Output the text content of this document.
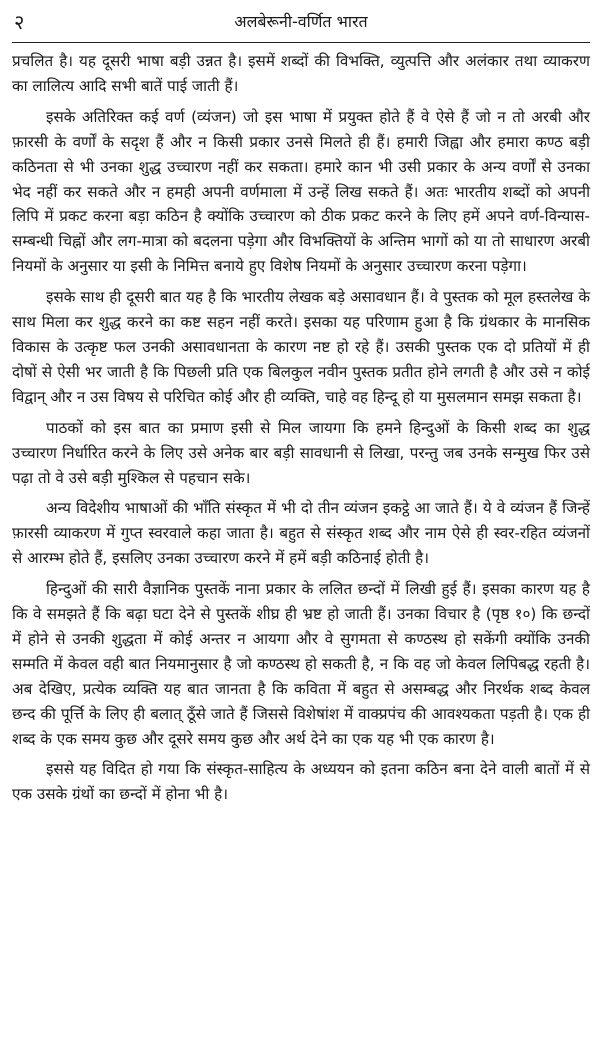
२	अलबेरूनी-वर्णित भारत

प्रचलित है। यह दूसरी भाषा बड़ी उन्नत है। इसमें शब्दों की विभक्ति, व्युत्पत्ति और अलंकार तथा व्याकरण का लालित्य आदि सभी बातें पाई जाती हैं।

इसके अतिरिक्त कई वर्ण (व्यंजन) जो इस भाषा में प्रयुक्त होते हैं वे ऐसे हैं जो न तो अरबी और फ़ारसी के वर्णों के सदृश हैं और न किसी प्रकार उनसे मिलते ही हैं। हमारी जिह्वा और हमारा कण्ठ बड़ी कठिनता से भी उनका शुद्ध उच्चारण नहीं कर सकता। हमारे कान भी उसी प्रकार के अन्य वर्णों से उनका भेद नहीं कर सकते और न हमही अपनी वर्णमाला में उन्हें लिख सकते हैं। अतः भारतीय शब्दों को अपनी लिपि में प्रकट करना बड़ा कठिन है क्योंकि उच्चारण को ठीक प्रकट करने के लिए हमें अपने वर्ण-विन्यास-सम्बन्धी चिह्नों और लग-मात्रा को बदलना पड़ेगा और विभक्तियों के अन्तिम भागों को या तो साधारण अरबी नियमों के अनुसार या इसी के निमित्त बनाये हुए विशेष नियमों के अनुसार उच्चारण करना पड़ेगा।

इसके साथ ही दूसरी बात यह है कि भारतीय लेखक बड़े असावधान हैं। वे पुस्तक को मूल हस्तलेख के साथ मिला कर शुद्ध करने का कष्ट सहन नहीं करते। इसका यह परिणाम हुआ है कि ग्रंथकार के मानसिक विकास के उत्कृष्ट फल उनकी असावधानता के कारण नष्ट हो रहे हैं। उसकी पुस्तक एक दो प्रतियों में ही दोषों से ऐसी भर जाती है कि पिछली प्रति एक बिलकुल नवीन पुस्तक प्रतीत होने लगती है और उसे न कोई विद्वान् और न उस विषय से परिचित कोई और ही व्यक्ति, चाहे वह हिन्दू हो या मुसलमान समझ सकता है।

पाठकों को इस बात का प्रमाण इसी से मिल जायगा कि हमने हिन्दुओं के किसी शब्द का शुद्ध उच्चारण निर्धारित करने के लिए उसे अनेक बार बड़ी सावधानी से लिखा, परन्तु जब उनके सन्मुख फिर उसे पढ़ा तो वे उसे बड़ी मुश्किल से पहचान सके।

अन्य विदेशीय भाषाओं की भाँति संस्कृत में भी दो तीन व्यंजन इकट्ठे आ जाते हैं। ये वे व्यंजन हैं जिन्हें फ़ारसी व्याकरण में गुप्त स्वरवाले कहा जाता है। बहुत से संस्कृत शब्द और नाम ऐसे ही स्वर-रहित व्यंजनों से आरम्भ होते हैं, इसलिए उनका उच्चारण करने में हमें बड़ी कठिनाई होती है।

हिन्दुओं की सारी वैज्ञानिक पुस्तकें नाना प्रकार के ललित छन्दों में लिखी हुई हैं। इसका कारण यह है कि वे समझते हैं कि बढ़ा घटा देने से पुस्तकें शीघ्र ही भ्रष्ट हो जाती हैं। उनका विचार है (पृष्ठ १०) कि छन्दों में होने से उनकी शुद्धता में कोई अन्तर न आयगा और वे सुगमता से कण्ठस्थ हो सकेंगी क्योंकि उनकी सम्मति में केवल वही बात नियमानुसार है जो कण्ठस्थ हो सकती है, न कि वह जो केवल लिपिबद्ध रहती है। अब देखिए, प्रत्येक व्यक्ति यह बात जानता है कि कविता में बहुत से असम्बद्ध और निरर्थक शब्द केवल छन्द की पूर्त्ति के लिए ही बलात् ठूँसे जाते हैं जिससे विशेषांश में वाक्प्रपंच की आवश्यकता पड़ती है। एक ही शब्द के एक समय कुछ और दूसरे समय कुछ और अर्थ देने का एक यह भी एक कारण है।

इससे यह विदित हो गया कि संस्कृत-साहित्य के अध्ययन को इतना कठिन बना देने वाली बातों में से एक उसके ग्रंथों का छन्दों में होना भी है।
